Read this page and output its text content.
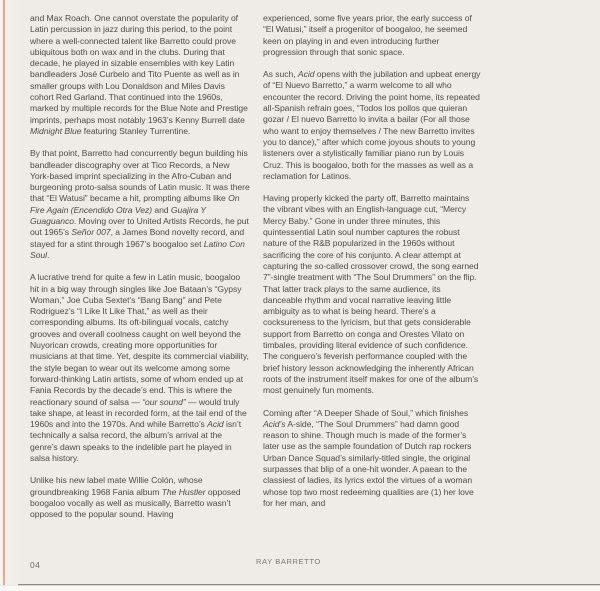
and Max Roach. One cannot overstate the popularity of Latin percussion in jazz during this period, to the point where a well-connected talent like Barretto could prove ubiquitous both on wax and in the clubs. During that decade, he played in sizable ensembles with key Latin bandleaders José Curbelo and Tito Puente as well as in smaller groups with Lou Donaldson and Miles Davis cohort Red Garland. That continued into the 1960s, marked by multiple records for the Blue Note and Prestige imprints, perhaps most notably 1963’s Kenny Burrell date Midnight Blue featuring Stanley Turrentine.

By that point, Barretto had concurrently begun building his bandleader discography over at Tico Records, a New York-based imprint specializing in the Afro-Cuban and burgeoning proto-salsa sounds of Latin music. It was there that “El Watusi” became a hit, prompting albums like On Fire Again (Encendido Otra Vez) and Guajira Y Guaguanco. Moving over to United Artists Records, he put out 1965’s Señor 007, a James Bond novelty record, and stayed for a stint through 1967’s boogaloo set Latino Con Soul.

A lucrative trend for quite a few in Latin music, boogaloo hit in a big way through singles like Joe Bataan’s “Gypsy Woman,” Joe Cuba Sextet’s “Bang Bang” and Pete Rodriguez’s “I Like It Like That,” as well as their corresponding albums. Its oft-bilingual vocals, catchy grooves and overall coolness caught on well beyond the Nuyorican crowds, creating more opportunities for musicians at that time. Yet, despite its commercial viability, the style began to wear out its welcome among some forward-thinking Latin artists, some of whom ended up at Fania Records by the decade’s end. This is where the reactionary sound of salsa — “our sound” — would truly take shape, at least in recorded form, at the tail end of the 1960s and into the 1970s. And while Barretto’s Acid isn’t technically a salsa record, the album’s arrival at the genre’s dawn speaks to the indelible part he played in salsa history.

Unlike his new label mate Willie Colón, whose groundbreaking 1968 Fania album The Hustler opposed boogaloo vocally as well as musically, Barretto wasn’t opposed to the popular sound. Having

experienced, some five years prior, the early success of “El Watusi,” itself a progenitor of boogaloo, he seemed keen on playing in and even introducing further progression through that sonic space.

As such, Acid opens with the jubilation and upbeat energy of “El Nuevo Barretto,” a warm welcome to all who encounter the record. Driving the point home, its repeated all-Spanish refrain goes, “Todos los pollos que quieran gozar / El nuevo Barretto lo invita a bailar (For all those who want to enjoy themselves / The new Barretto invites you to dance),” after which come joyous shouts to young listeners over a stylistically familiar piano run by Louis Cruz. This is boogaloo, both for the masses as well as a reclamation for Latinos.

Having properly kicked the party off, Barretto maintains the vibrant vibes with an English-language cut, “Mercy Mercy Baby.” Gone in under three minutes, this quintessential Latin soul number captures the robust nature of the R&B popularized in the 1960s without sacrificing the core of his conjunto. A clear attempt at capturing the so-called crossover crowd, the song earned 7”-single treatment with “The Soul Drummers” on the flip. That latter track plays to the same audience, its danceable rhythm and vocal narrative leaving little ambiguity as to what is being heard. There’s a cocksureness to the lyricism, but that gets considerable support from Barretto on conga and Orestes Vilato on timbales, providing literal evidence of such confidence. The conguero’s feverish performance coupled with the brief history lesson acknowledging the inherently African roots of the instrument itself makes for one of the album’s most genuinely fun moments.

Coming after “A Deeper Shade of Soul,” which finishes Acid’s A-side, “The Soul Drummers” had damn good reason to shine. Though much is made of the former’s later use as the sample foundation of Dutch rap rockers Urban Dance Squad’s similarly-titled single, the original surpasses that blip of a one-hit wonder. A paean to the classiest of ladies, its lyrics extol the virtues of a woman whose top two most redeeming qualities are (1) her love for her man, and

04	RAY BARRETTO
